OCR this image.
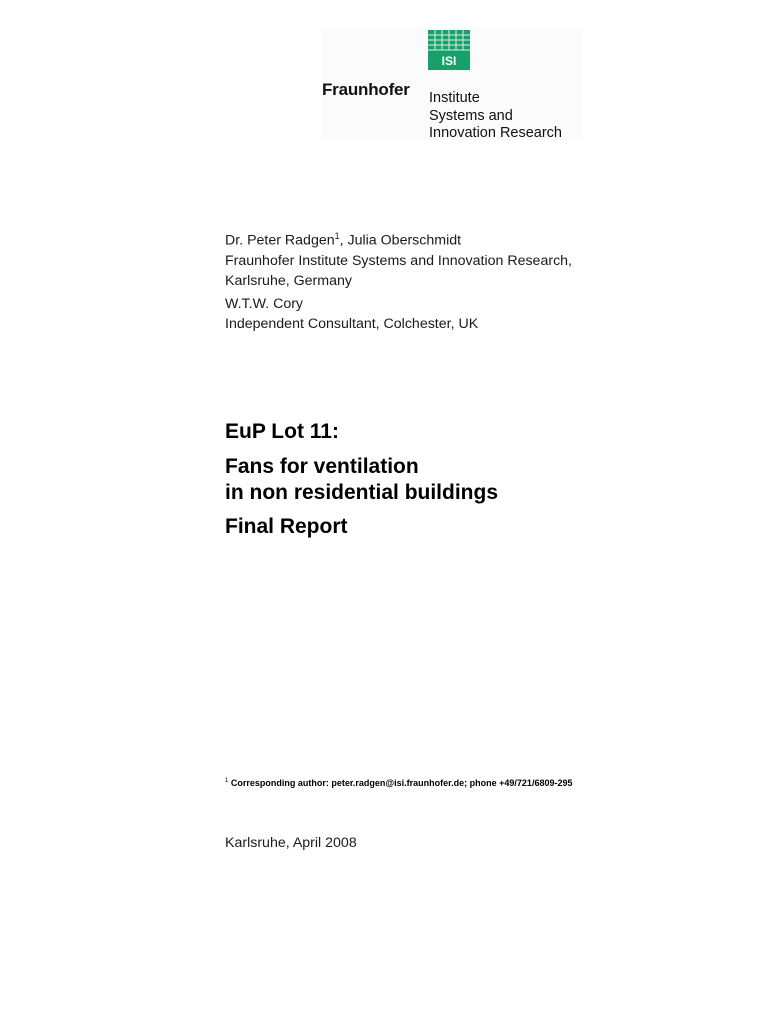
ISI
Fraunhofer Institute
Systems and
Innovation Research
Dr. Peter Radgen$^1$, Julia Oberschmidt
Fraunhofer Institute Systems and Innovation Research,
Karlsruhe, Germany
W.T.W. Cory
Independent Consultant, Colchester, UK
EuP Lot 11:
Fans for ventilation
in non residential buildings
Final Report
$^1$ Corresponding author: peter.radgen@isi.fraunhofer.de; phone +49/721/6809-295
Karlsruhe, April 2008
